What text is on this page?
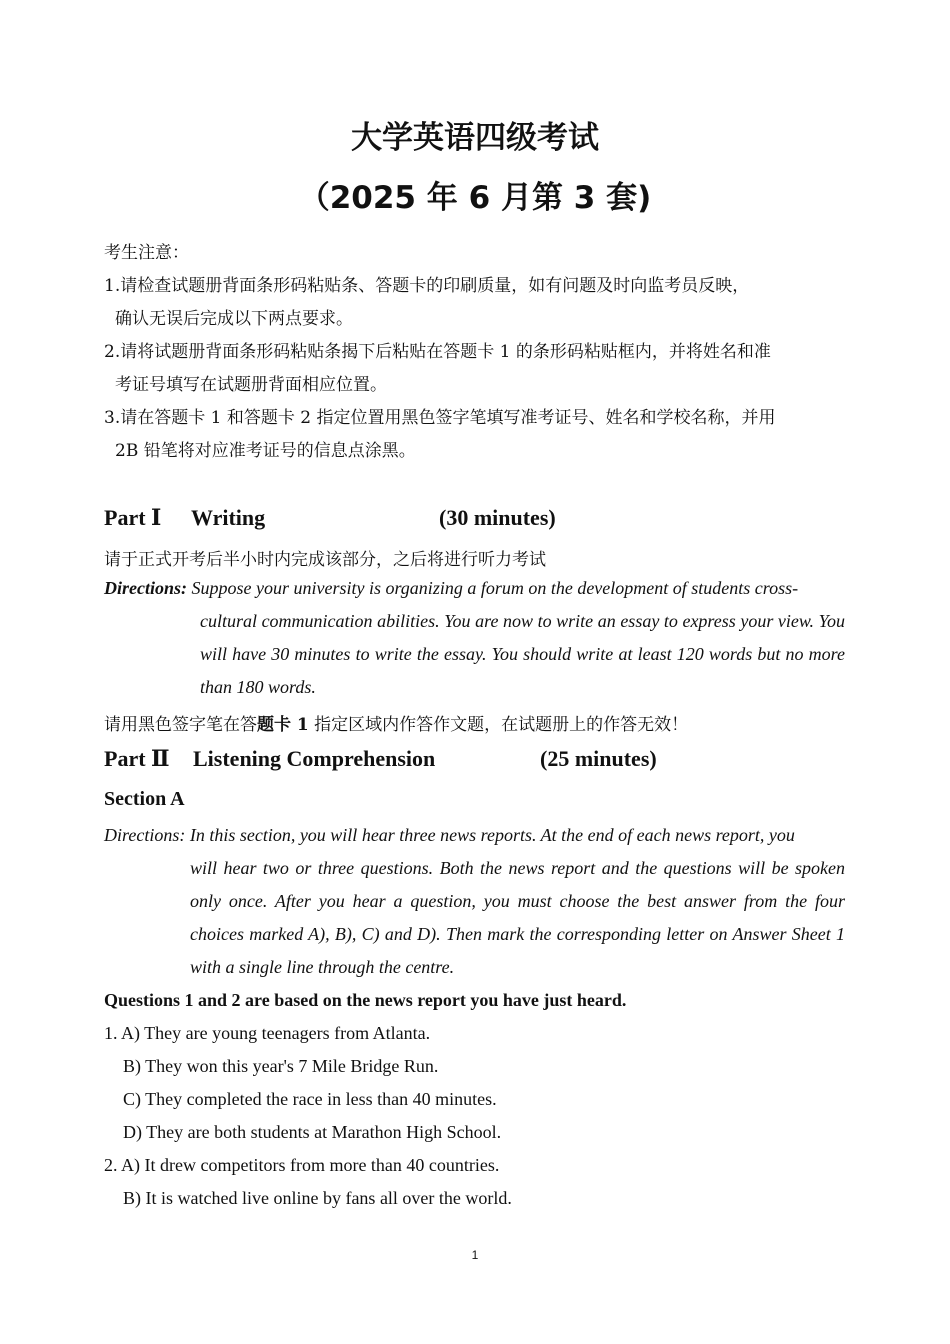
大学英语四级考试
（2025 年 6 月第 3 套)
考生注意：
1.请检查试题册背面条形码粘贴条、答题卡的印刷质量，如有问题及时向监考员反映，
确认无误后完成以下两点要求。
2.请将试题册背面条形码粘贴条揭下后粘贴在答题卡 1 的条形码粘贴框内，并将姓名和准
考证号填写在试题册背面相应位置。
3.请在答题卡 1 和答题卡 2 指定位置用黑色签字笔填写准考证号、姓名和学校名称，并用
2B 铅笔将对应准考证号的信息点涂黑。
Part Ⅰ Writing	(30 minutes)
请于正式开考后半小时内完成该部分，之后将进行听力考试
Directions: Suppose your university is organizing a forum on the development of students cross-
cultural communication abilities. You are now to write an essay to express your view. You will have 30 minutes to write the essay. You should write at least 120 words but no more than 180 words.
请用黑色签字笔在答题卡 1 指定区域内作答作文题，在试题册上的作答无效！
Part Ⅱ Listening Comprehension	(25 minutes)
Section A
Directions: In this section, you will hear three news reports. At the end of each news report, you
will hear two or three questions. Both the news report and the questions will be spoken only once. After you hear a question, you must choose the best answer from the four choices marked A), B), C) and D). Then mark the corresponding letter on Answer Sheet 1 with a single line through the centre.
Questions 1 and 2 are based on the news report you have just heard.
1. A) They are young teenagers from Atlanta.
B) They won this year's 7 Mile Bridge Run.
C) They completed the race in less than 40 minutes.
D) They are both students at Marathon High School.
2. A) It drew competitors from more than 40 countries.
B) It is watched live online by fans all over the world.
1
